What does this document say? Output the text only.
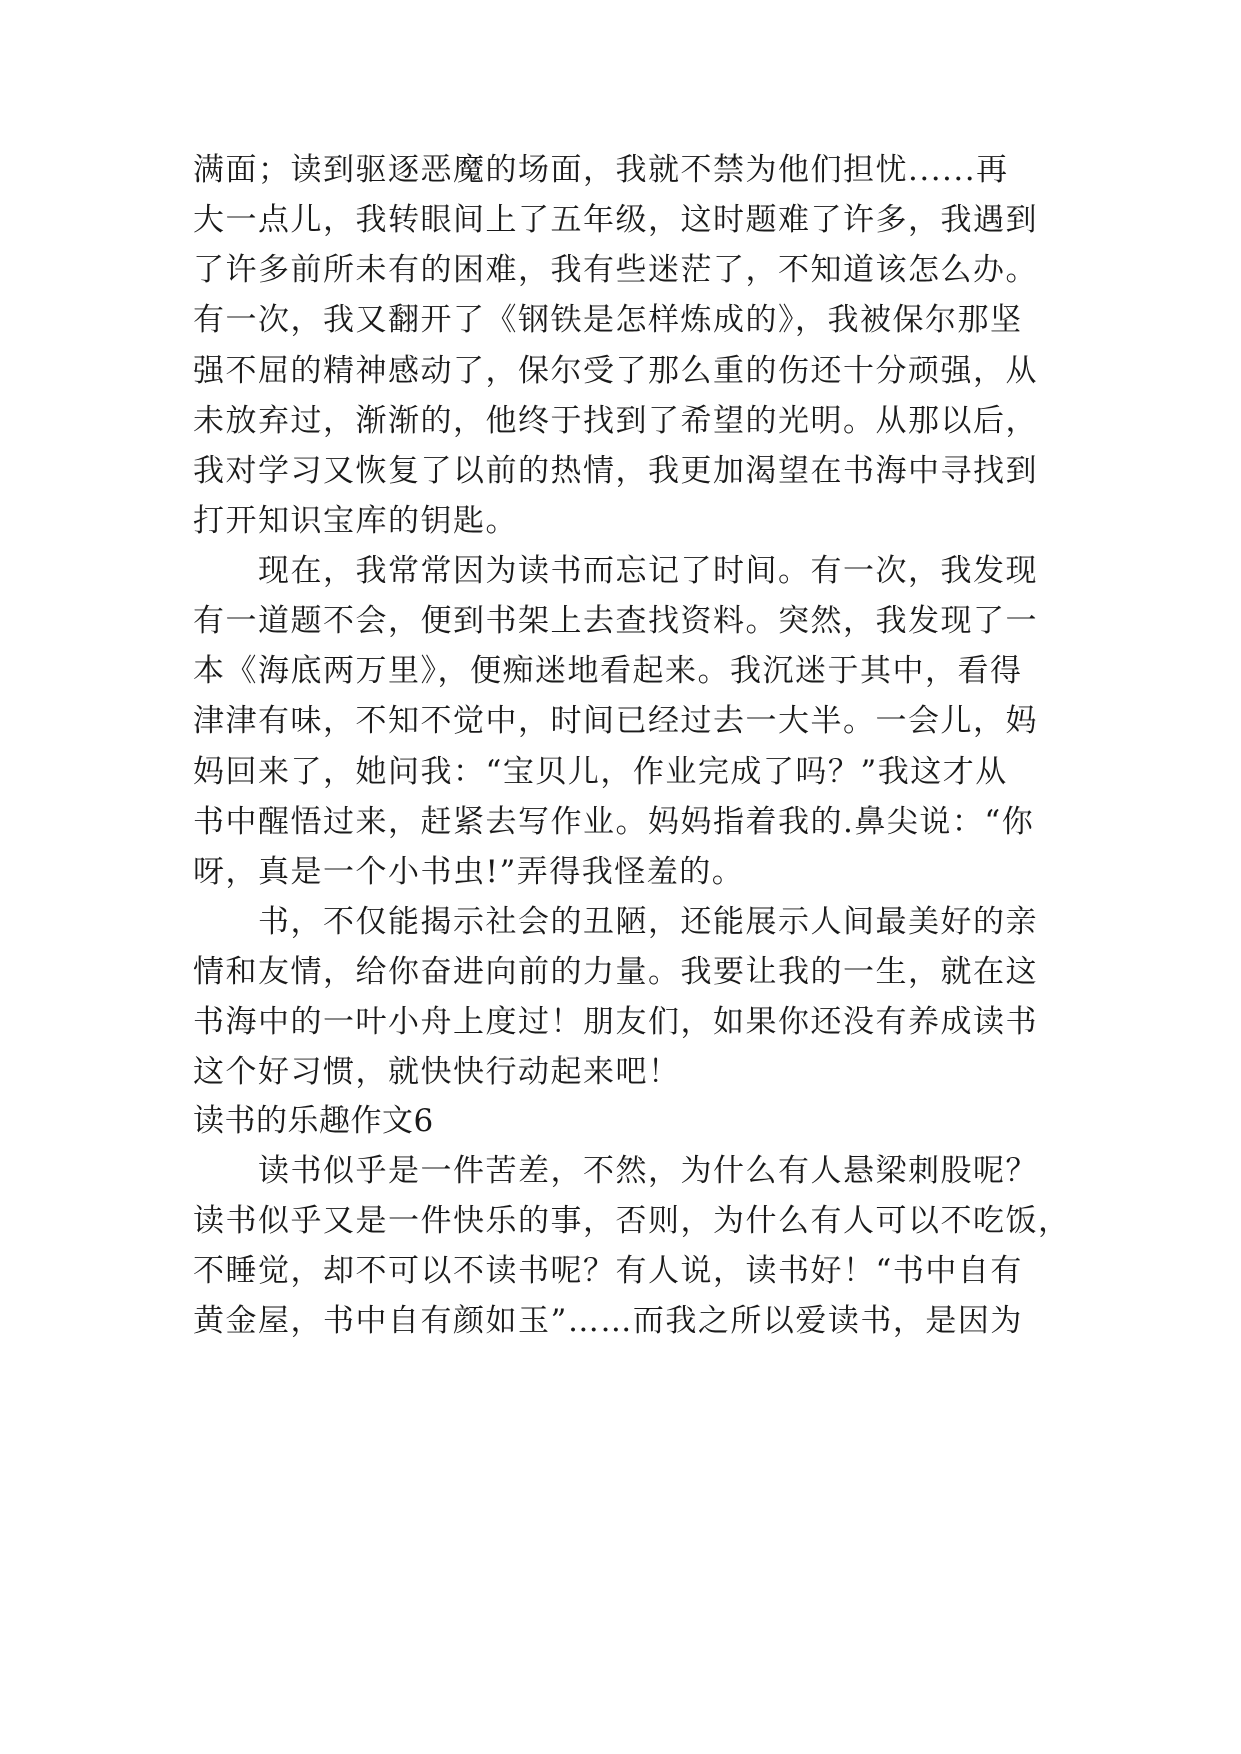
满面；读到驱逐恶魔的场面，我就不禁为他们担忧......再
大一点儿，我转眼间上了五年级，这时题难了许多，我遇到
了许多前所未有的困难，我有些迷茫了，不知道该怎么办。
有一次，我又翻开了《钢铁是怎样炼成的》，我被保尔那坚
强不屈的精神感动了，保尔受了那么重的伤还十分顽强，从
未放弃过，渐渐的，他终于找到了希望的光明。从那以后，
我对学习又恢复了以前的热情，我更加渴望在书海中寻找到
打开知识宝库的钥匙。
　　现在，我常常因为读书而忘记了时间。有一次，我发现
有一道题不会，便到书架上去查找资料。突然，我发现了一
本《海底两万里》，便痴迷地看起来。我沉迷于其中，看得
津津有味，不知不觉中，时间已经过去一大半。一会儿，妈
妈回来了，她问我：“宝贝儿，作业完成了吗？”我这才从
书中醒悟过来，赶紧去写作业。妈妈指着我的.鼻尖说：“你
呀，真是一个小书虫!”弄得我怪羞的。
　　书，不仅能揭示社会的丑陋，还能展示人间最美好的亲
情和友情，给你奋进向前的力量。我要让我的一生，就在这
书海中的一叶小舟上度过！朋友们，如果你还没有养成读书
这个好习惯，就快快行动起来吧！
读书的乐趣作文6
　　读书似乎是一件苦差，不然，为什么有人悬梁刺股呢？
读书似乎又是一件快乐的事，否则，为什么有人可以不吃饭，
不睡觉，却不可以不读书呢？有人说，读书好！“书中自有
黄金屋，书中自有颜如玉”……而我之所以爱读书，是因为
